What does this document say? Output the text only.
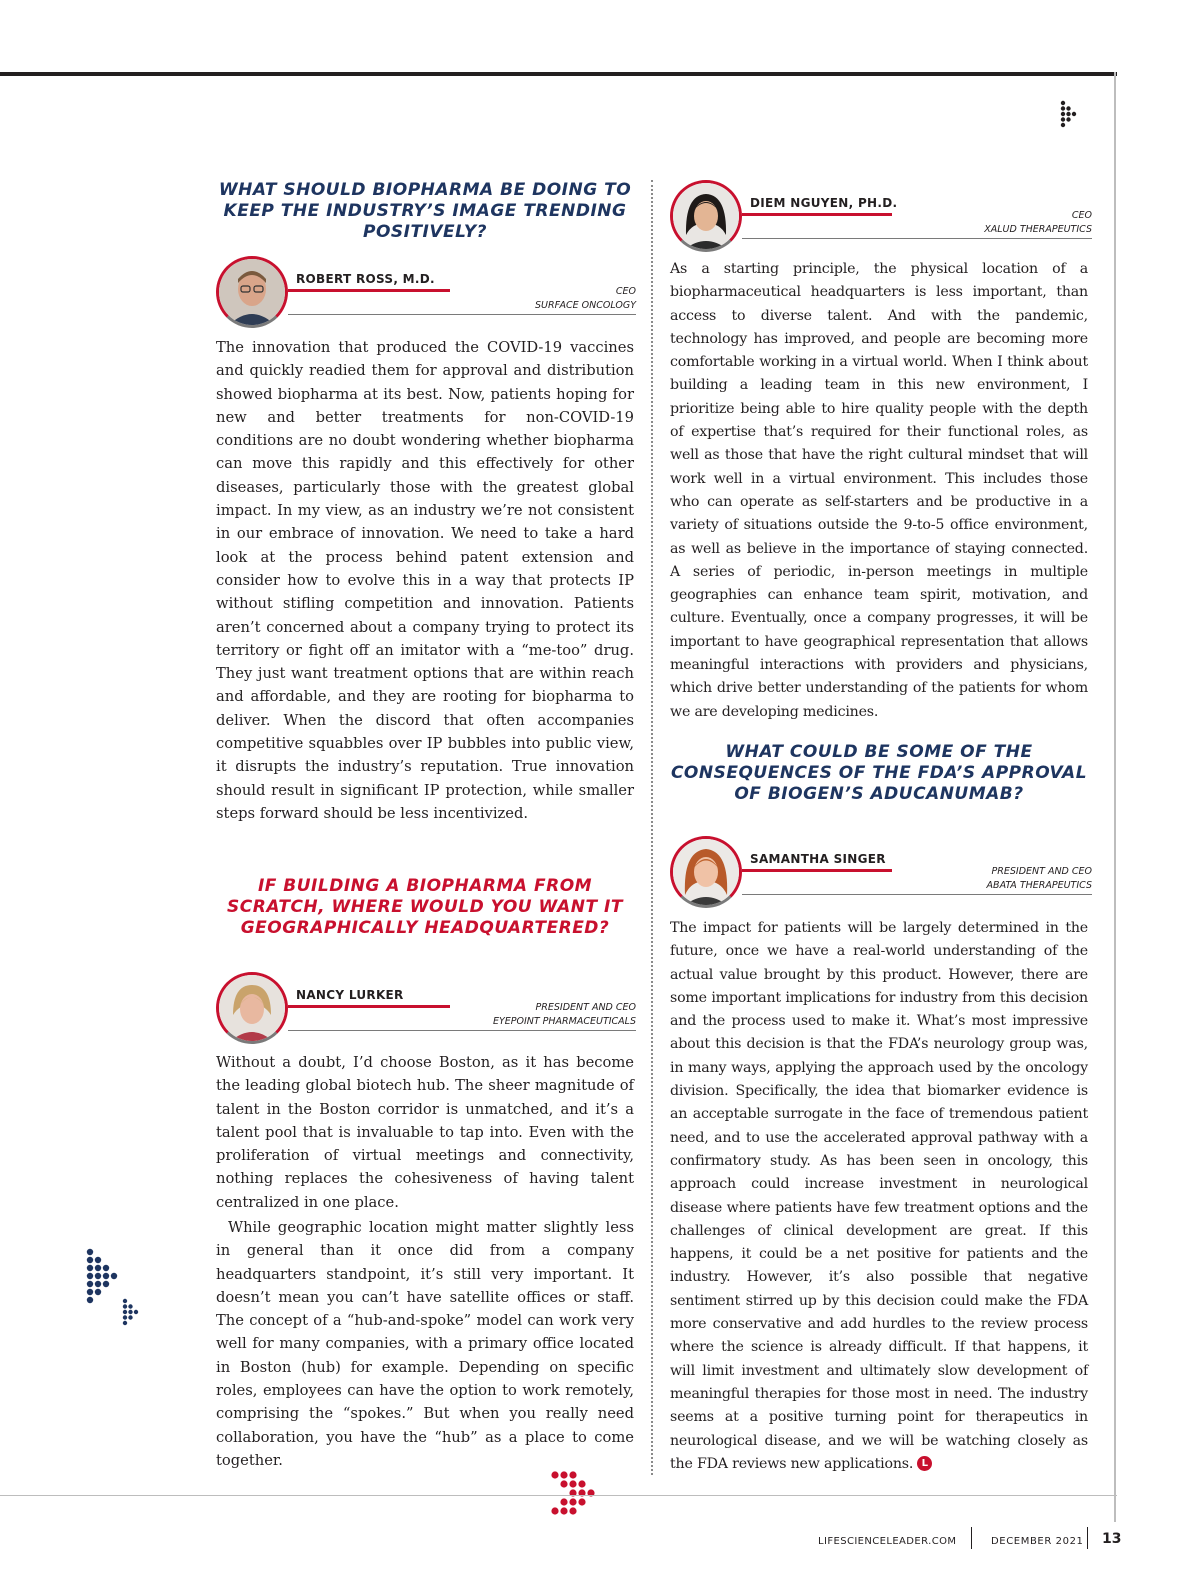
WHAT SHOULD BIOPHARMA BE DOING TO KEEP THE INDUSTRY’S IMAGE TRENDING POSITIVELY?
ROBERT ROSS, M.D.
CEO
SURFACE ONCOLOGY

The innovation that produced the COVID-19 vaccines and quickly readied them for approval and distribution showed biopharma at its best. Now, patients hoping for new and better treatments for non-COVID-19 conditions are no doubt wondering whether biopharma can move this rapidly and this effectively for other diseases, particularly those with the greatest global impact. In my view, as an industry we’re not consistent in our embrace of innovation. We need to take a hard look at the process behind patent extension and consider how to evolve this in a way that protects IP without stifling competition and innovation. Patients aren’t concerned about a company trying to protect its territory or fight off an imitator with a “me-too” drug. They just want treatment options that are within reach and affordable, and they are rooting for biopharma to deliver. When the discord that often accompanies competitive squabbles over IP bubbles into public view, it disrupts the industry’s reputation. True innovation should result in significant IP protection, while smaller steps forward should be less incentivized.

IF BUILDING A BIOPHARMA FROM SCRATCH, WHERE WOULD YOU WANT IT GEOGRAPHICALLY HEADQUARTERED?
NANCY LURKER
PRESIDENT AND CEO
EYEPOINT PHARMACEUTICALS

Without a doubt, I’d choose Boston, as it has become the leading global biotech hub. The sheer magnitude of talent in the Boston corridor is unmatched, and it’s a talent pool that is invaluable to tap into. Even with the proliferation of virtual meetings and connectivity, nothing replaces the cohesiveness of having talent centralized in one place.

While geographic location might matter slightly less in general than it once did from a company headquarters standpoint, it’s still very important. It doesn’t mean you can’t have satellite offices or staff. The concept of a “hub-and-spoke” model can work very well for many companies, with a primary office located in Boston (hub) for example. Depending on specific roles, employees can have the option to work remotely, comprising the “spokes.” But when you really need collaboration, you have the “hub” as a place to come together.

DIEM NGUYEN, PH.D.
CEO
XALUD THERAPEUTICS

As a starting principle, the physical location of a biopharmaceutical headquarters is less important, than access to diverse talent. And with the pandemic, technology has improved, and people are becoming more comfortable working in a virtual world. When I think about building a leading team in this new environment, I prioritize being able to hire quality people with the depth of expertise that’s required for their functional roles, as well as those that have the right cultural mindset that will work well in a virtual environment. This includes those who can operate as self-starters and be productive in a variety of situations outside the 9-to-5 office environment, as well as believe in the importance of staying connected. A series of periodic, in-person meetings in multiple geographies can enhance team spirit, motivation, and culture. Eventually, once a company progresses, it will be important to have geographical representation that allows meaningful interactions with providers and physicians, which drive better understanding of the patients for whom we are developing medicines.

WHAT COULD BE SOME OF THE CONSEQUENCES OF THE FDA’S APPROVAL OF BIOGEN’S ADUCANUMAB?
SAMANTHA SINGER
PRESIDENT AND CEO
ABATA THERAPEUTICS

The impact for patients will be largely determined in the future, once we have a real-world understanding of the actual value brought by this product. However, there are some important implications for industry from this decision and the process used to make it. What’s most impressive about this decision is that the FDA’s neurology group was, in many ways, applying the approach used by the oncology division. Specifically, the idea that biomarker evidence is an acceptable surrogate in the face of tremendous patient need, and to use the accelerated approval pathway with a confirmatory study. As has been seen in oncology, this approach could increase investment in neurological disease where patients have few treatment options and the challenges of clinical development are great. If this happens, it could be a net positive for patients and the industry. However, it’s also possible that negative sentiment stirred up by this decision could make the FDA more conservative and add hurdles to the review process where the science is already difficult. If that happens, it will limit investment and ultimately slow development of meaningful therapies for those most in need. The industry seems at a positive turning point for therapeutics in neurological disease, and we will be watching closely as the FDA reviews new applications. L

LIFESCIENCELEADER.COM	DECEMBER 2021 13
